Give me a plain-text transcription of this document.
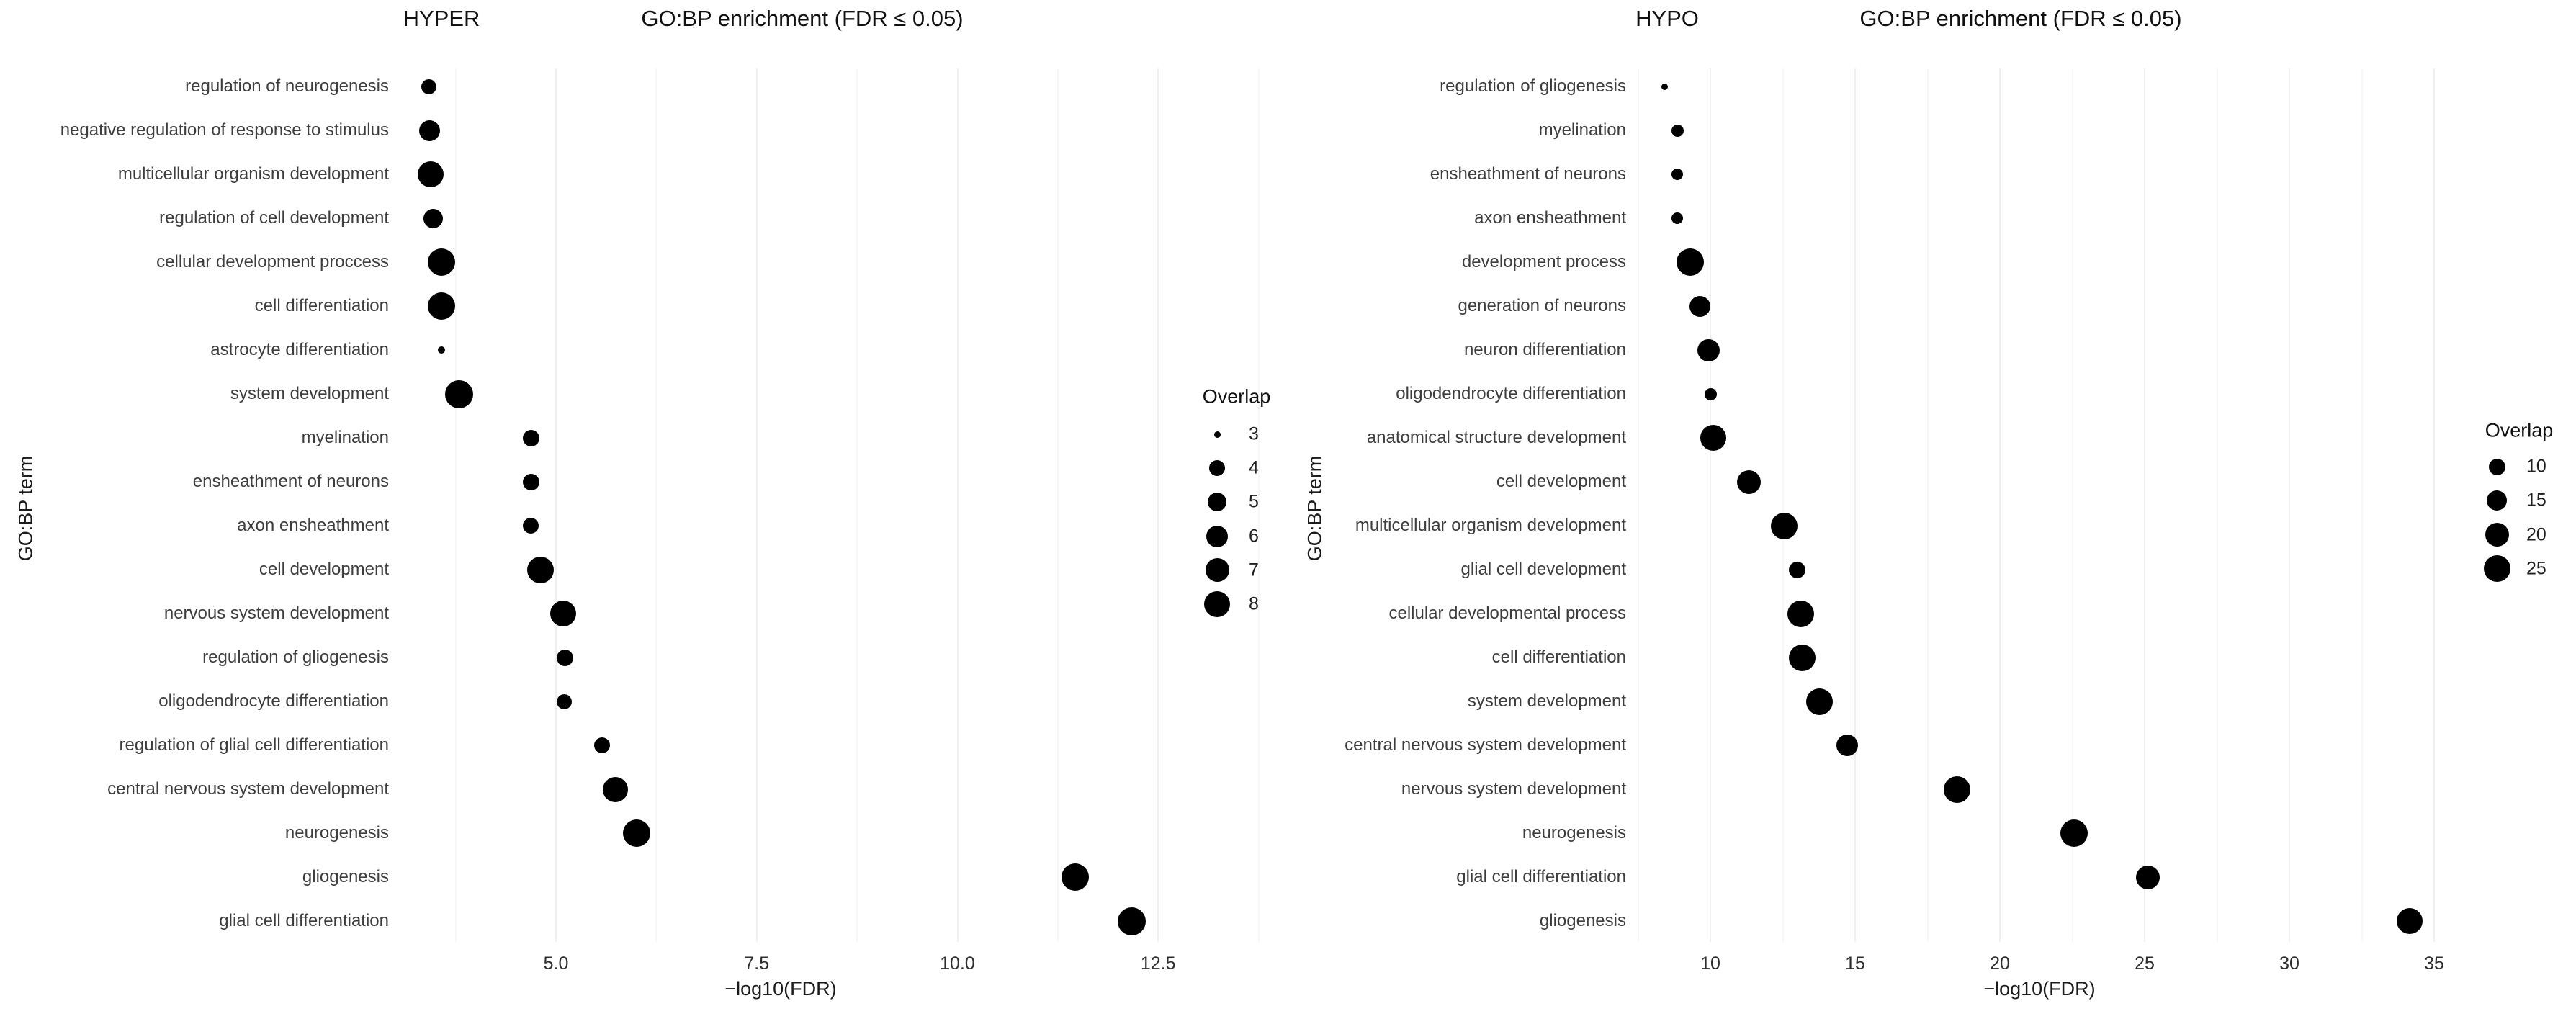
regulation of neurogenesis
negative regulation of response to stimulus
multicellular organism development
regulation of cell development
cellular development proccess
cell differentiation
astrocyte differentiation
system development
myelination
ensheathment of neurons
axon ensheathment
cell development
nervous system development
regulation of gliogenesis
oligodendrocyte differentiation
regulation of glial cell differentiation
central nervous system development
neurogenesis
gliogenesis
glial cell differentiation
regulation of gliogenesis
myelination
ensheathment of neurons
axon ensheathment
development process
generation of neurons
neuron differentiation
oligodendrocyte differentiation
anatomical structure development
cell development
multicellular organism development
glial cell development
cellular developmental process
cell differentiation
system development
central nervous system development
nervous system development
neurogenesis
glial cell differentiation
gliogenesis
5.0	7.5	10.0	12.5	10	15	20	25	30	35
3
4
5
6
7
8
10
15
20
25
HYPER	GO:BP enrichment (FDR ≤ 0.05)
−log10(FDR)
GO:BP term
Overlap
HYPO	GO:BP enrichment (FDR ≤ 0.05)
−log10(FDR)
GO:BP term
Overlap
